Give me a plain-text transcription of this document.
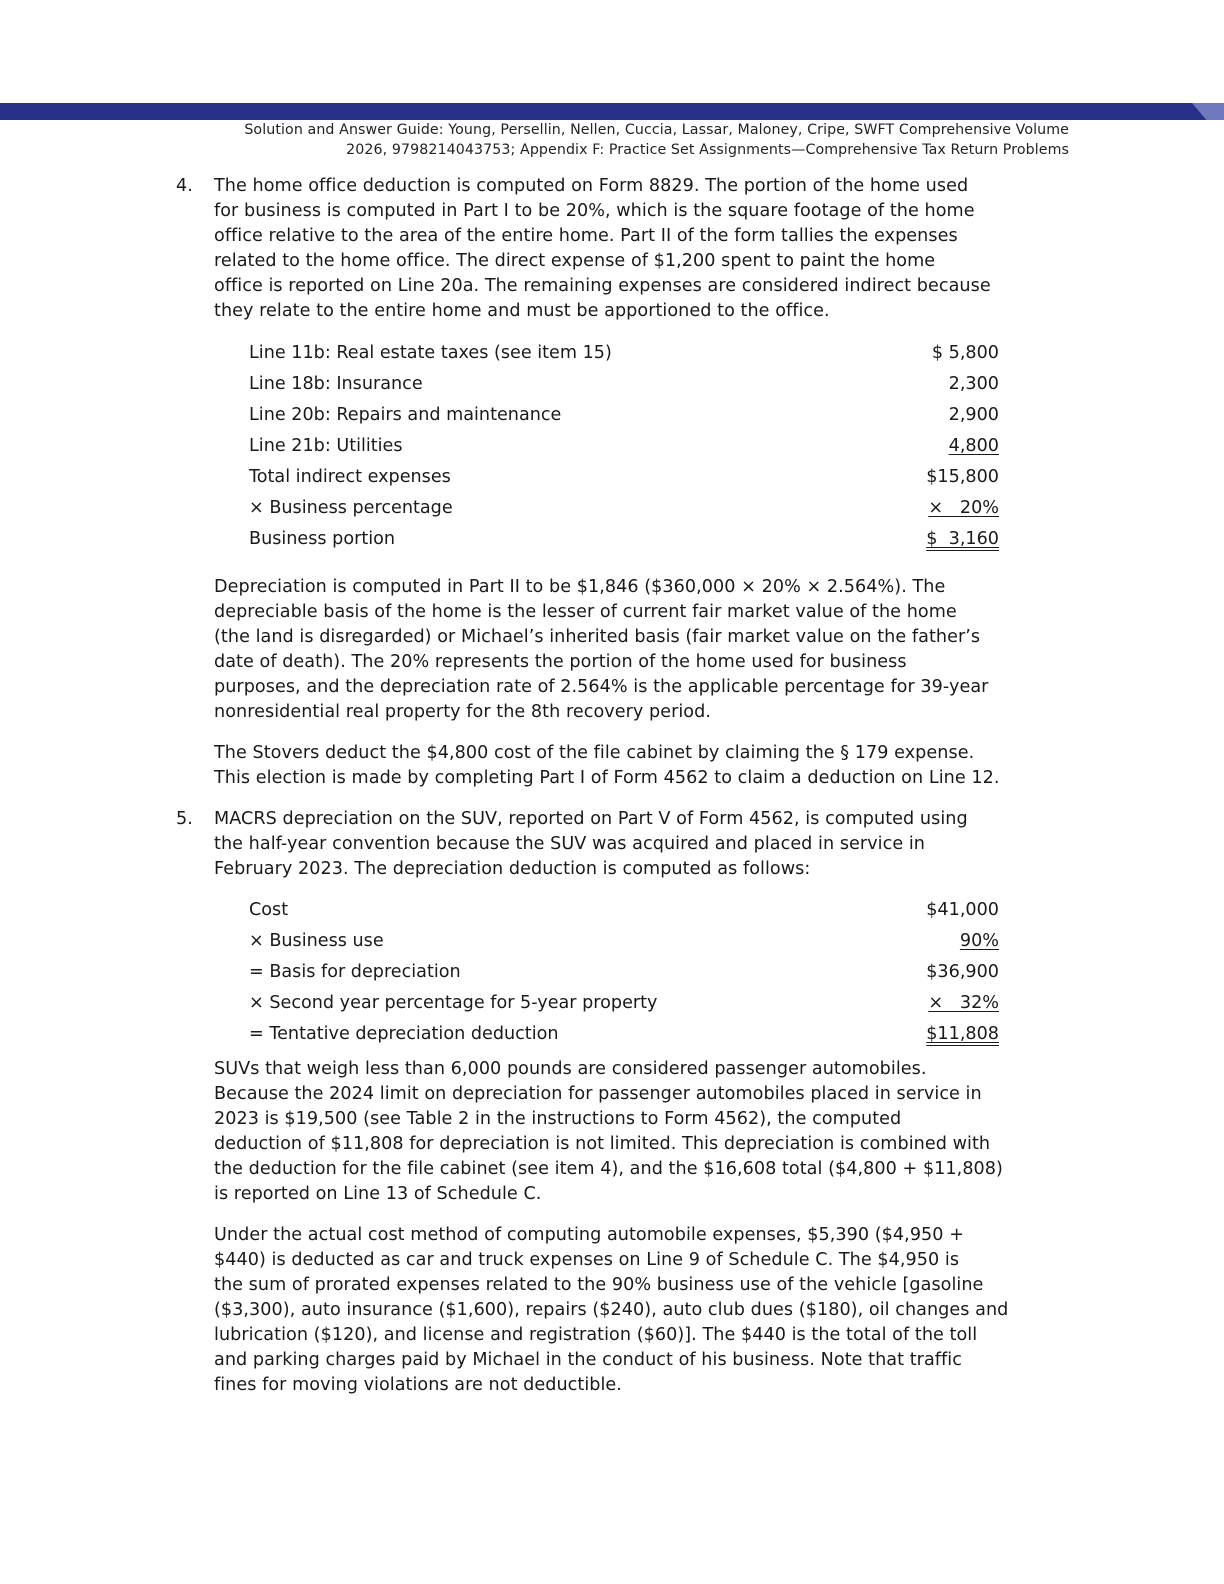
Solution and Answer Guide: Young, Persellin, Nellen, Cuccia, Lassar, Maloney, Cripe, SWFT Comprehensive Volume
2026, 9798214043753; Appendix F: Practice Set Assignments—Comprehensive Tax Return Problems
4. The home office deduction is computed on Form 8829. The portion of the home used
for business is computed in Part I to be 20%, which is the square footage of the home
office relative to the area of the entire home. Part II of the form tallies the expenses
related to the home office. The direct expense of $1,200 spent to paint the home
office is reported on Line 20a. The remaining expenses are considered indirect because
they relate to the entire home and must be apportioned to the office.
Line 11b: Real estate taxes (see item 15)	$ 5,800
Line 18b: Insurance	2,300
Line 20b: Repairs and maintenance	2,900
Line 21b: Utilities	4,800
Total indirect expenses	$15,800
× Business percentage	×   20%
Business portion	$  3,160
Depreciation is computed in Part II to be $1,846 ($360,000 × 20% × 2.564%). The
depreciable basis of the home is the lesser of current fair market value of the home
(the land is disregarded) or Michael’s inherited basis (fair market value on the father’s
date of death). The 20% represents the portion of the home used for business
purposes, and the depreciation rate of 2.564% is the applicable percentage for 39-year
nonresidential real property for the 8th recovery period.
The Stovers deduct the $4,800 cost of the file cabinet by claiming the § 179 expense.
This election is made by completing Part I of Form 4562 to claim a deduction on Line 12.
5. MACRS depreciation on the SUV, reported on Part V of Form 4562, is computed using
the half-year convention because the SUV was acquired and placed in service in
February 2023. The depreciation deduction is computed as follows:
Cost	$41,000
× Business use	90%
= Basis for depreciation	$36,900
× Second year percentage for 5-year property	×   32%
= Tentative depreciation deduction	$11,808
SUVs that weigh less than 6,000 pounds are considered passenger automobiles.
Because the 2024 limit on depreciation for passenger automobiles placed in service in
2023 is $19,500 (see Table 2 in the instructions to Form 4562), the computed
deduction of $11,808 for depreciation is not limited. This depreciation is combined with
the deduction for the file cabinet (see item 4), and the $16,608 total ($4,800 + $11,808)
is reported on Line 13 of Schedule C.
Under the actual cost method of computing automobile expenses, $5,390 ($4,950 +
$440) is deducted as car and truck expenses on Line 9 of Schedule C. The $4,950 is
the sum of prorated expenses related to the 90% business use of the vehicle [gasoline
($3,300), auto insurance ($1,600), repairs ($240), auto club dues ($180), oil changes and
lubrication ($120), and license and registration ($60)]. The $440 is the total of the toll
and parking charges paid by Michael in the conduct of his business. Note that traffic
fines for moving violations are not deductible.
